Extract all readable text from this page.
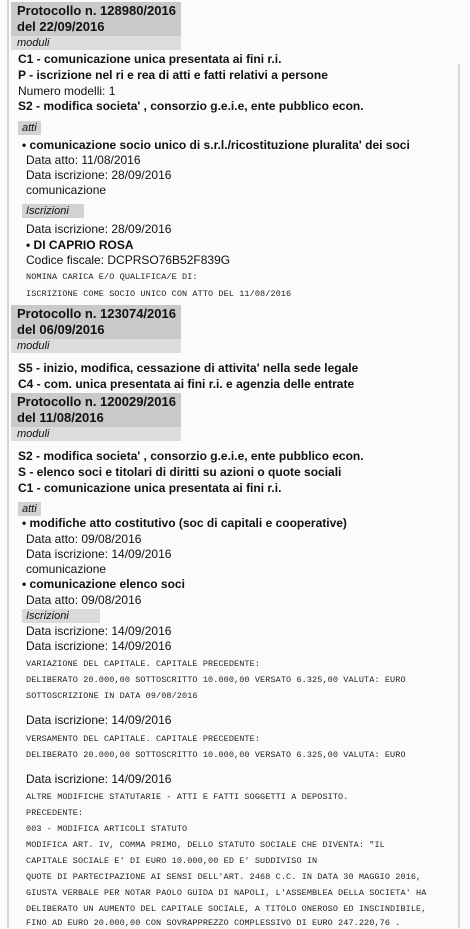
Protocollo n. 128980/2016
del 22/09/2016
moduli
C1 - comunicazione unica presentata ai fini r.i.
P - iscrizione nel ri e rea di atti e fatti relativi a persone
Numero modelli: 1
S2 - modifica societa' , consorzio g.e.i.e, ente pubblico econ.
atti
• comunicazione socio unico di s.r.l./ricostituzione pluralita' dei soci
Data atto: 11/08/2016
Data iscrizione: 28/09/2016
comunicazione
Iscrizioni
Data iscrizione: 28/09/2016
• DI CAPRIO ROSA
Codice fiscale: DCPRSO76B52F839G
NOMINA CARICA E/O QUALIFICA/E DI:
ISCRIZIONE COME SOCIO UNICO CON ATTO DEL 11/08/2016
Protocollo n. 123074/2016
del 06/09/2016
moduli
S5 - inizio, modifica, cessazione di attivita' nella sede legale
C4 - com. unica presentata ai fini r.i. e agenzia delle entrate
Protocollo n. 120029/2016
del 11/08/2016
moduli
S2 - modifica societa' , consorzio g.e.i.e, ente pubblico econ.
S - elenco soci e titolari di diritti su azioni o quote sociali
C1 - comunicazione unica presentata ai fini r.i.
atti
• modifiche atto costitutivo (soc di capitali e cooperative)
Data atto: 09/08/2016
Data iscrizione: 14/09/2016
comunicazione
• comunicazione elenco soci
Data atto: 09/08/2016
Iscrizioni
Data iscrizione: 14/09/2016
Data iscrizione: 14/09/2016
VARIAZIONE DEL CAPITALE. CAPITALE PRECEDENTE:
DELIBERATO 20.000,00 SOTTOSCRITTO 10.000,00 VERSATO 6.325,00 VALUTA: EURO
SOTTOSCRIZIONE IN DATA 09/08/2016
Data iscrizione: 14/09/2016
VERSAMENTO DEL CAPITALE. CAPITALE PRECEDENTE:
DELIBERATO 20.000,00 SOTTOSCRITTO 10.000,00 VERSATO 6.325,00 VALUTA: EURO
Data iscrizione: 14/09/2016
ALTRE MODIFICHE STATUTARIE - ATTI E FATTI SOGGETTI A DEPOSITO.
PRECEDENTE:
003 - MODIFICA ARTICOLI STATUTO
MODIFICA ART. IV, COMMA PRIMO, DELLO STATUTO SOCIALE CHE DIVENTA: "IL
CAPITALE SOCIALE E' DI EURO 10.000,00 ED E' SUDDIVISO IN
QUOTE DI PARTECIPAZIONE AI SENSI DELL'ART. 2468 C.C. IN DATA 30 MAGGIO 2016,
GIUSTA VERBALE PER NOTAR PAOLO GUIDA DI NAPOLI, L'ASSEMBLEA DELLA SOCIETA' HA
DELIBERATO UN AUMENTO DEL CAPITALE SOCIALE, A TITOLO ONEROSO ED INSCINDIBILE,
FINO AD EURO 20.000,00 CON SOVRAPPREZZO COMPLESSIVO DI EURO 247.220,76 .
